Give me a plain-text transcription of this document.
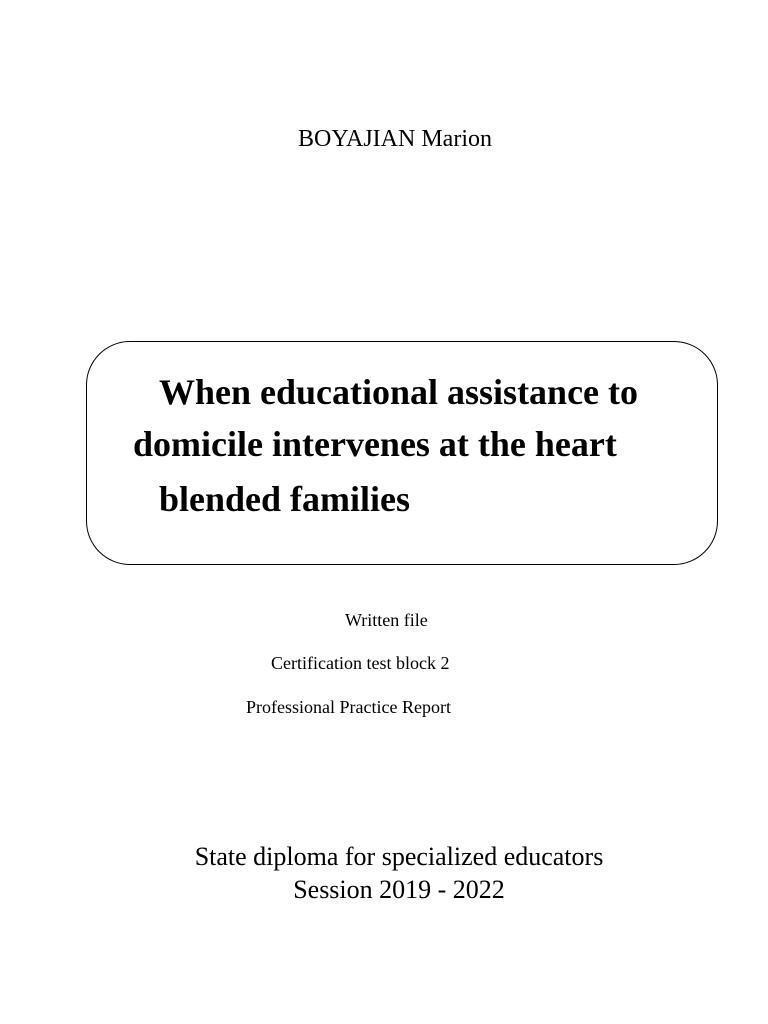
BOYAJIAN Marion
When educational assistance to
domicile intervenes at the heart
blended families
Written file
Certification test block 2
Professional Practice Report
State diploma for specialized educators
Session 2019 - 2022
